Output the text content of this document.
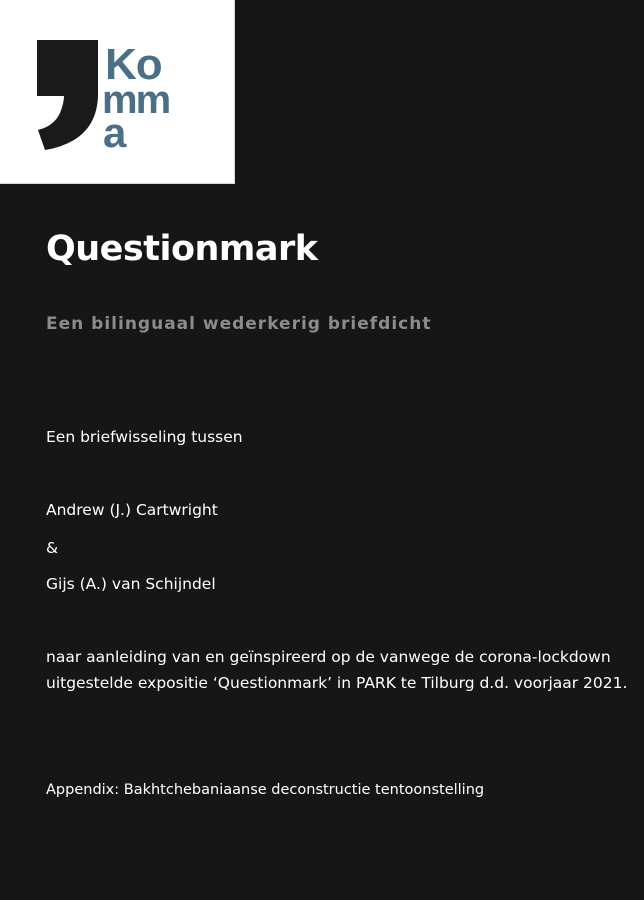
Ko
mm
a
Questionmark

Een bilinguaal wederkerig briefdicht

Een briefwisseling tussen

Andrew (J.) Cartwright

&

Gijs (A.) van Schijndel

naar aanleiding van en geïnspireerd op de vanwege de corona-lockdown
uitgestelde expositie ‘Questionmark’ in PARK te Tilburg d.d. voorjaar 2021.

Appendix: Bakhtchebaniaanse deconstructie tentoonstelling
